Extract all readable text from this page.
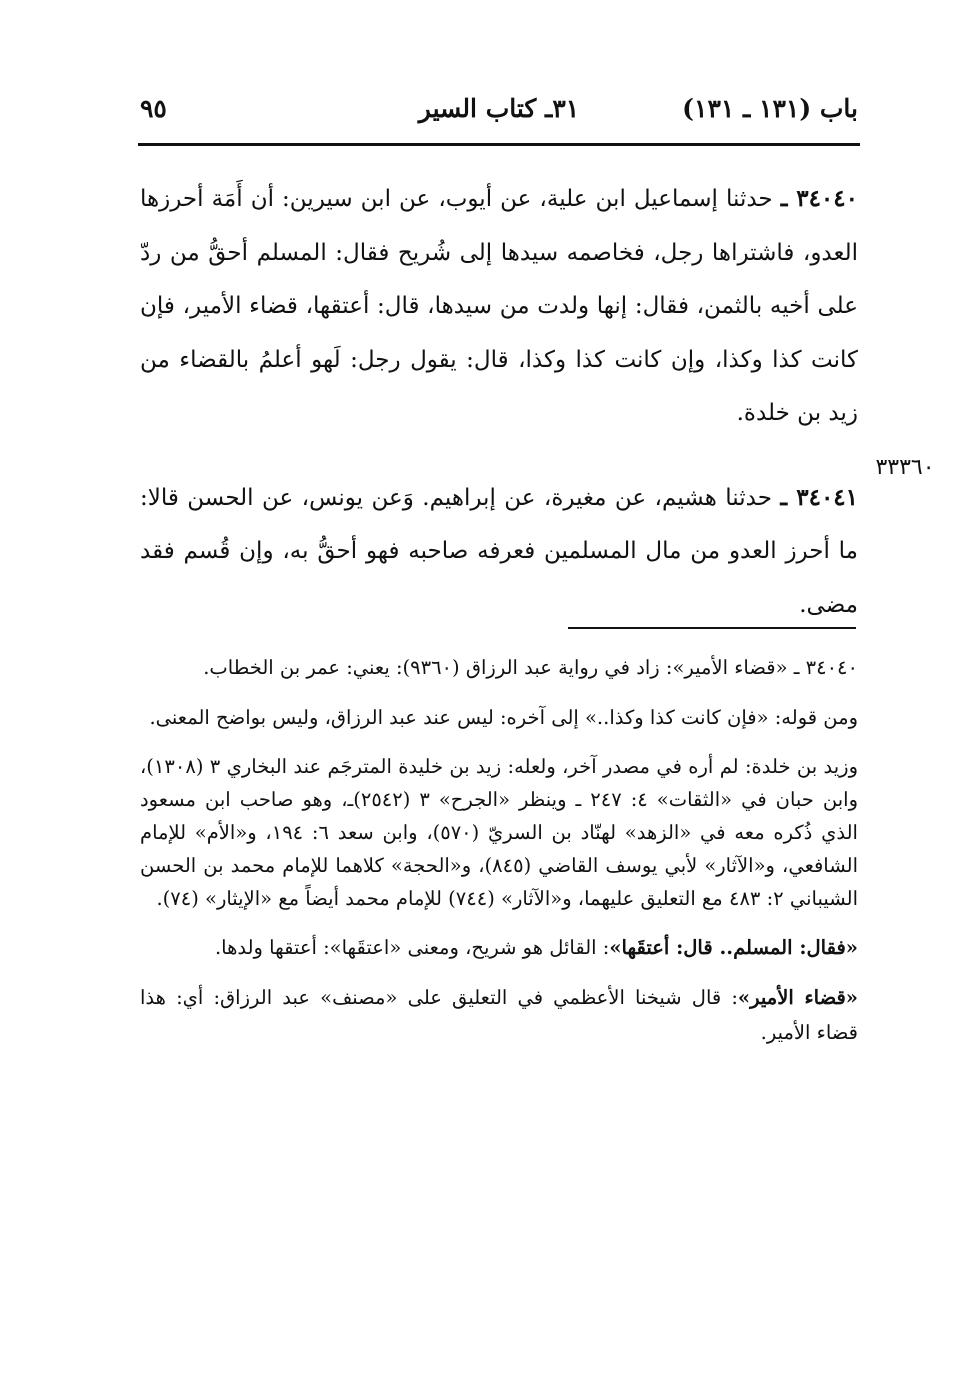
باب (١٣١ ـ ١٣١)
٣١ـ كتاب السير
٩٥

٣٤٠٤٠ ـ حدثنا إسماعيل ابن علية، عن أيوب، عن ابن سيرين: أن أَمَة أحرزها العدو، فاشتراها رجل، فخاصمه سيدها إلى شُريح فقال: المسلم أحقُّ من ردّ على أخيه بالثمن، فقال: إنها ولدت من سيدها، قال: أعتقها، قضاء الأمير، فإن كانت كذا وكذا، وإن كانت كذا وكذا، قال: يقول رجل: لَهو أعلمُ بالقضاء من زيد بن خلدة.

٣٤٠٤١ ـ حدثنا هشيم، عن مغيرة، عن إبراهيم. وَعن يونس، عن الحسن قالا: ما أحرز العدو من مال المسلمين فعرفه صاحبه فهو أحقُّ به، وإن قُسم فقد مضى.

٣٣٣٦٠

٣٤٠٤٠ ـ «قضاء الأمير»: زاد في رواية عبد الرزاق (٩٣٦٠): يعني: عمر بن الخطاب.

ومن قوله: «فإن كانت كذا وكذا..» إلى آخره: ليس عند عبد الرزاق، وليس بواضح المعنى.

وزيد بن خلدة: لم أره في مصدر آخر، ولعله: زيد بن خليدة المترجَم عند البخاري ٣ (١٣٠٨)، وابن حبان في «الثقات» ٤: ٢٤٧ ـ وينظر «الجرح» ٣ (٢٥٤٢)ـ، وهو صاحب ابن مسعود الذي ذُكره معه في «الزهد» لهنّاد بن السريّ (٥٧٠)، وابن سعد ٦: ١٩٤، و«الأم» للإمام الشافعي، و«الآثار» لأبي يوسف القاضي (٨٤٥)، و«الحجة» كلاهما للإمام محمد بن الحسن الشيباني ٢: ٤٨٣ مع التعليق عليهما، و«الآثار» (٧٤٤) للإمام محمد أيضاً مع «الإيثار» (٧٤).

«فقال: المسلم.. قال: أعتقَها»: القائل هو شريح، ومعنى «اعتقَها»: أعتقها ولدها.

«قضاء الأمير»: قال شيخنا الأعظمي في التعليق على «مصنف» عبد الرزاق: أي: هذا قضاء الأمير.
